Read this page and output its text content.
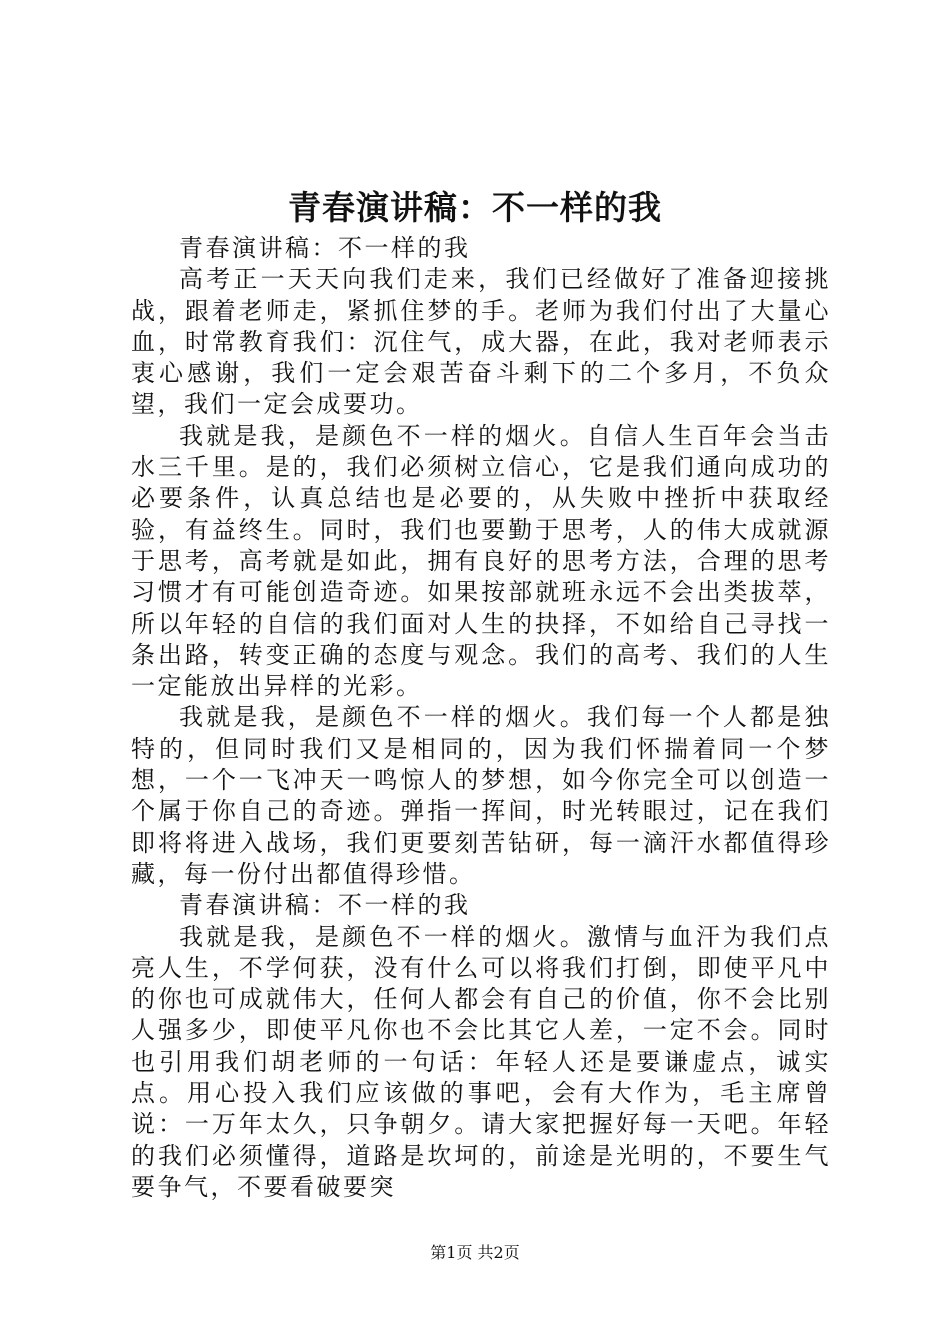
青春演讲稿：不一样的我

青春演讲稿：不一样的我

高考正一天天向我们走来，我们已经做好了准备迎接挑战，跟着老师走，紧抓住梦的手。老师为我们付出了大量心血，时常教育我们：沉住气，成大器，在此，我对老师表示衷心感谢，我们一定会艰苦奋斗剩下的二个多月，不负众望，我们一定会成要功。

我就是我，是颜色不一样的烟火。自信人生百年会当击水三千里。是的，我们必须树立信心，它是我们通向成功的必要条件，认真总结也是必要的，从失败中挫折中获取经验，有益终生。同时，我们也要勤于思考，人的伟大成就源于思考，高考就是如此，拥有良好的思考方法，合理的思考习惯才有可能创造奇迹。如果按部就班永远不会出类拔萃，所以年轻的自信的我们面对人生的抉择，不如给自己寻找一条出路，转变正确的态度与观念。我们的高考、我们的人生一定能放出异样的光彩。

我就是我，是颜色不一样的烟火。我们每一个人都是独特的，但同时我们又是相同的，因为我们怀揣着同一个梦想，一个一飞冲天一鸣惊人的梦想，如今你完全可以创造一个属于你自己的奇迹。弹指一挥间，时光转眼过，记在我们即将将进入战场，我们更要刻苦钻研，每一滴汗水都值得珍藏，每一份付出都值得珍惜。

青春演讲稿：不一样的我

我就是我，是颜色不一样的烟火。激情与血汗为我们点亮人生，不学何获，没有什么可以将我们打倒，即使平凡中的你也可成就伟大，任何人都会有自己的价值，你不会比别人强多少，即使平凡你也不会比其它人差，一定不会。同时也引用我们胡老师的一句话：年轻人还是要谦虚点，诚实点。用心投入我们应该做的事吧，会有大作为，毛主席曾说：一万年太久，只争朝夕。请大家把握好每一天吧。年轻的我们必须懂得，道路是坎坷的，前途是光明的，不要生气要争气，不要看破要突

第1页 共2页
